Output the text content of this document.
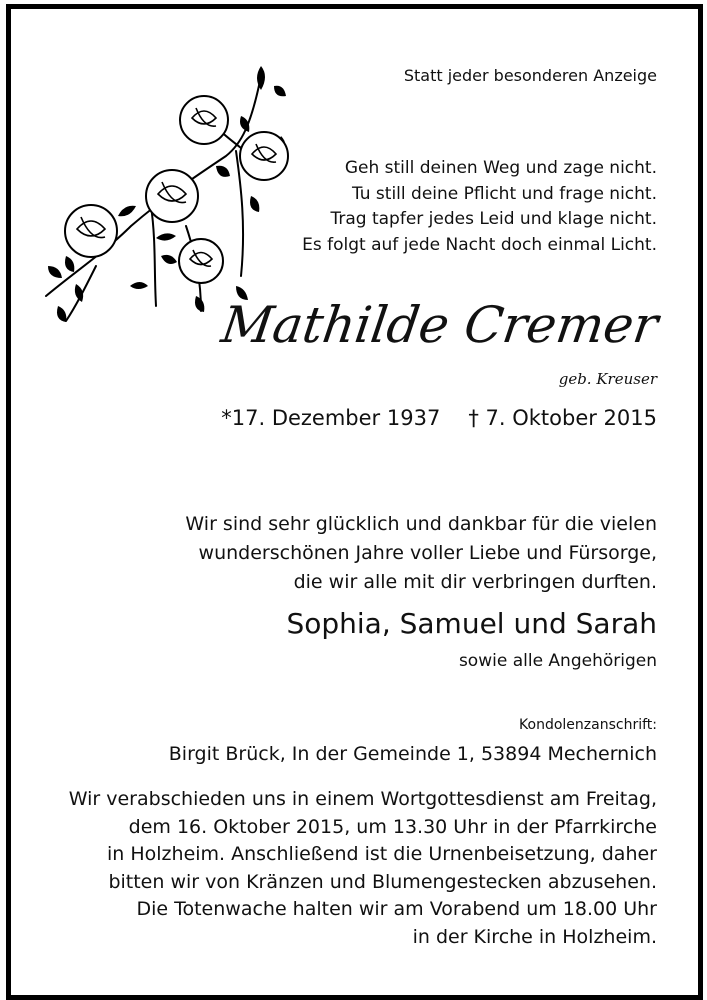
Statt jeder besonderen Anzeige
Geh still deinen Weg und zage nicht.
Tu still deine Pflicht und frage nicht.
Trag tapfer jedes Leid und klage nicht.
Es folgt auf jede Nacht doch einmal Licht.
Mathilde Cremer
geb. Kreuser
*17. Dezember 1937 † 7. Oktober 2015
Wir sind sehr glücklich und dankbar für die vielen
wunderschönen Jahre voller Liebe und Fürsorge,
die wir alle mit dir verbringen durften.
Sophia, Samuel und Sarah
sowie alle Angehörigen
Kondolenzanschrift:
Birgit Brück, In der Gemeinde 1, 53894 Mechernich
Wir verabschieden uns in einem Wortgottesdienst am Freitag,
dem 16. Oktober 2015, um 13.30 Uhr in der Pfarrkirche
in Holzheim. Anschließend ist die Urnenbeisetzung, daher
bitten wir von Kränzen und Blumengestecken abzusehen.
Die Totenwache halten wir am Vorabend um 18.00 Uhr
in der Kirche in Holzheim.
